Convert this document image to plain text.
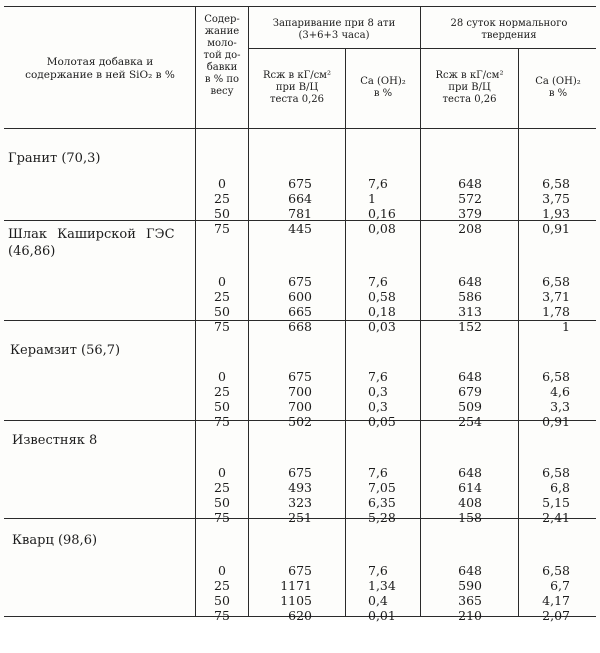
Молотая добавка и содержание в ней SiO₂ в %
Содер-
жание
моло-
той до-
бавки
в % по
весу
Запаривание при 8 ати
(3+6+3 часа)
28 суток нормального
твердения
Rсж в кГ/см²
при В/Ц
теста 0,26
Ca (OH)₂
в %
Rсж в кГ/см²
при В/Ц
теста 0,26
Ca (OH)₂
в %
Гранит (70,3)

0
25
50
75

675
664
781
445

7,6
1
0,16
0,08

648
572
379
208

6,58
3,75
1,93
0,91

Шлак Каширской ГЭС (46,86)

0
25
50
75

675
600
665
668

7,6
0,58
0,18
0,03

648
586
313
152

6,58
3,71
1,78
1

Керамзит (56,7)

0
25
50
75

675
700
700
502

7,6
0,3
0,3
0,05

648
679
509
254

6,58
4,6
3,3
0,91

Известняк 8

0
25
50
75

675
493
323
251

7,6
7,05
6,35
5,28

648
614
408
158

6,58
6,8
5,15
2,41

Кварц (98,6)

0
25
50
75

675
1171
1105
620

7,6
1,34
0,4
0,01

648
590
365
210

6,58
6,7
4,17
2,07
